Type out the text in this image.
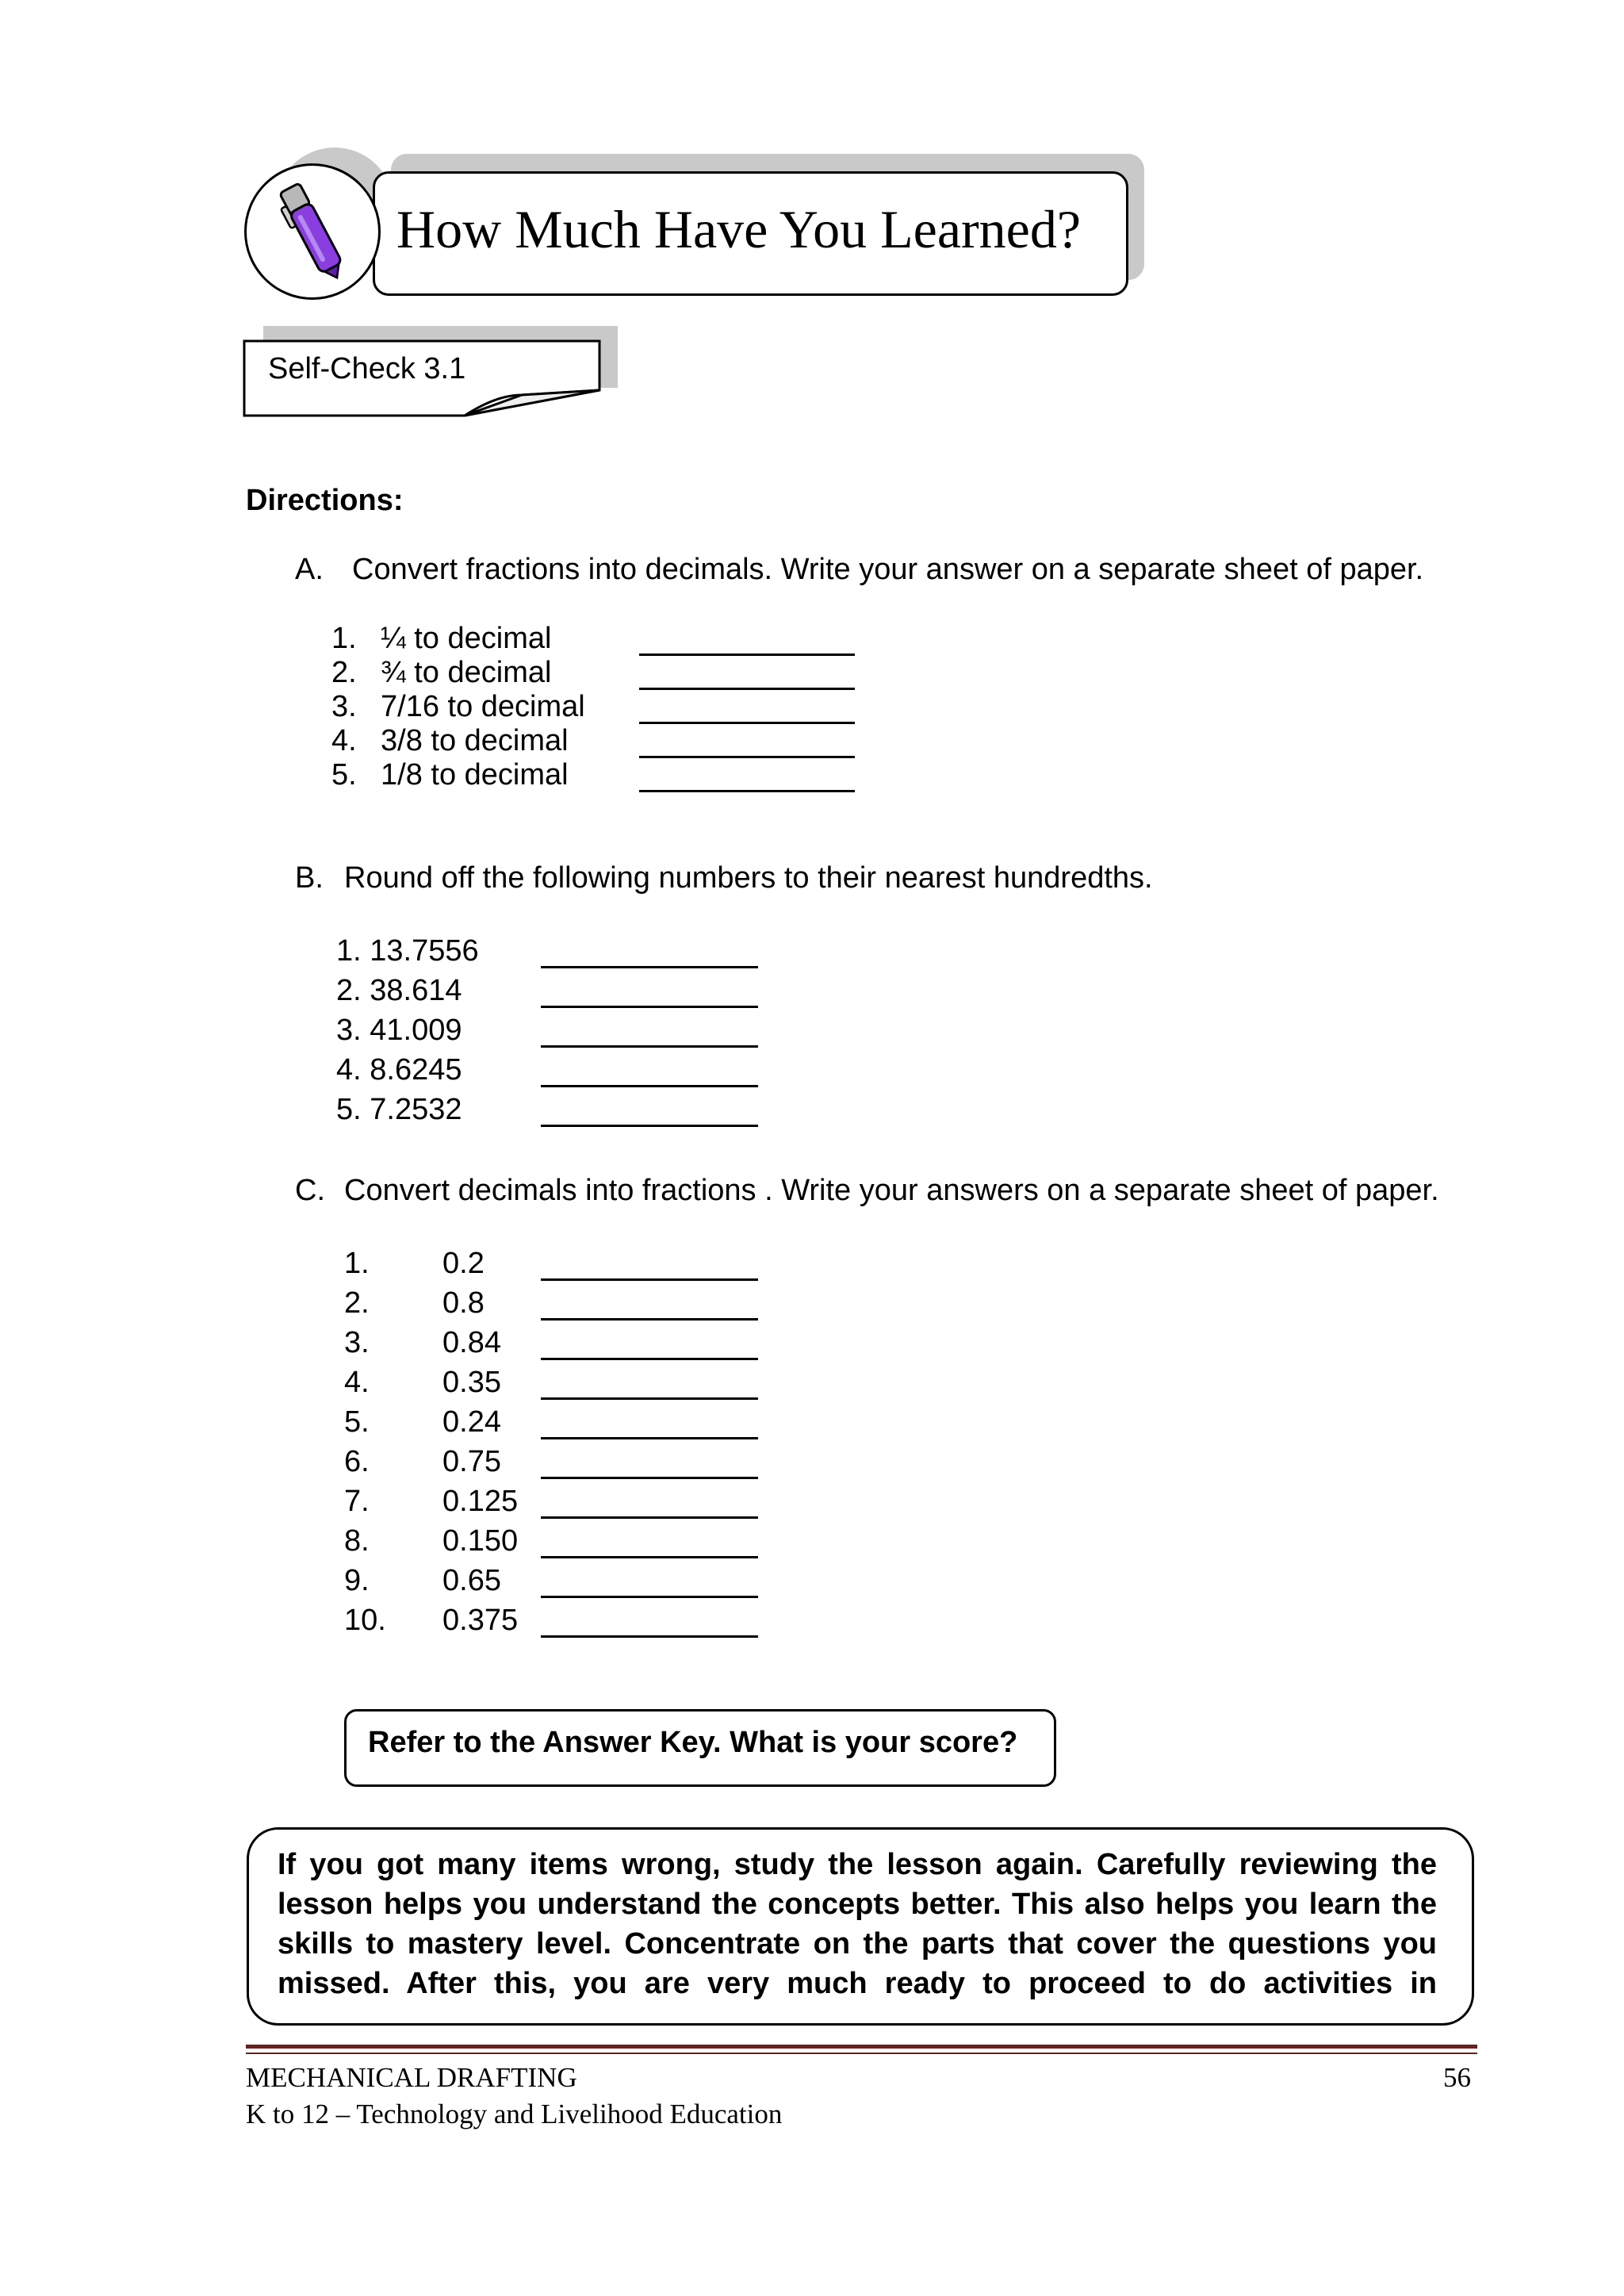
How Much Have You Learned?
Self-Check 3.1
Directions:
A. Convert fractions into decimals. Write your answer on a separate sheet of paper.
1. ¼ to decimal
2. ¾ to decimal
3. 7/16 to decimal
4. 3/8 to decimal
5. 1/8 to decimal
B. Round off the following numbers to their nearest hundredths.
1. 13.7556
2. 38.614
3. 41.009
4. 8.6245
5. 7.2532
C. Convert decimals into fractions . Write your answers on a separate sheet of paper.
1. 0.2
2. 0.8
3. 0.84
4. 0.35
5. 0.24
6. 0.75
7. 0.125
8. 0.150
9. 0.65
10. 0.375
Refer to the Answer Key. What is your score?
If you got many items wrong, study the lesson again. Carefully reviewing the
lesson helps you understand the concepts better. This also helps you learn the
skills to mastery level. Concentrate on the parts that cover the questions you
missed. After this, you are very much ready to proceed to do activities in
MECHANICAL DRAFTING	56
K to 12 – Technology and Livelihood Education
